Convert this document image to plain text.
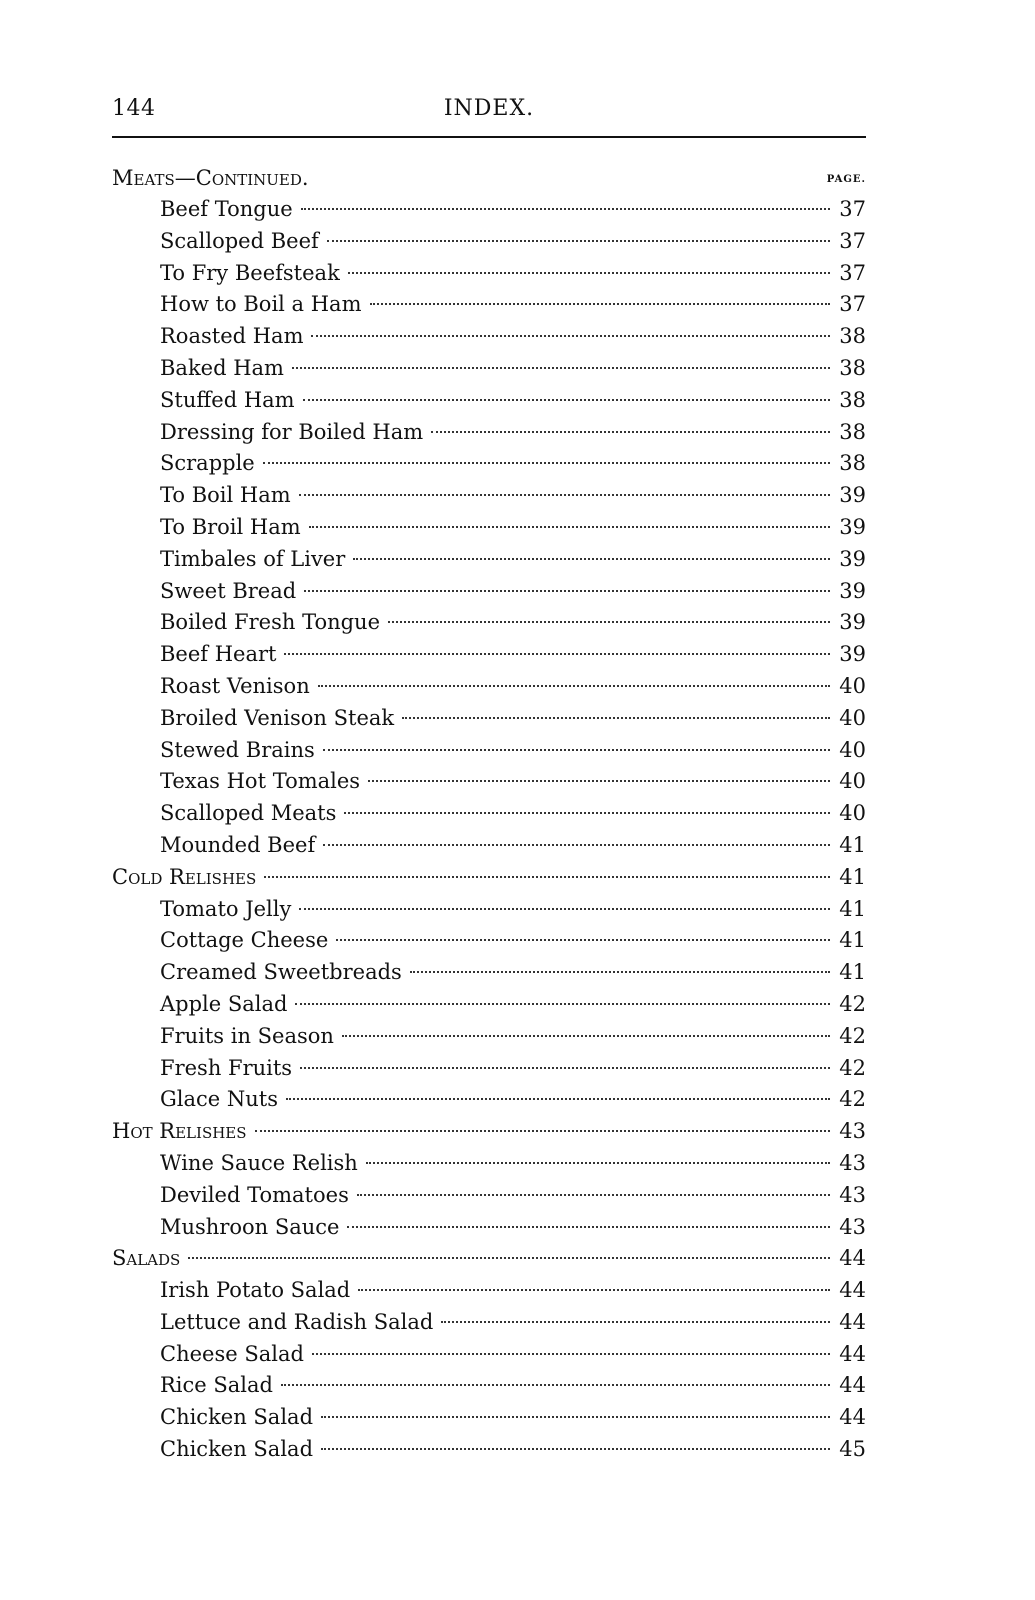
144	INDEX.
Meats—Continued.	PAGE.
Beef Tongue	37
Scalloped Beef	37
To Fry Beefsteak	37
How to Boil a Ham	37
Roasted Ham	38
Baked Ham	38
Stuffed Ham	38
Dressing for Boiled Ham	38
Scrapple	38
To Boil Ham	39
To Broil Ham	39
Timbales of Liver	39
Sweet Bread	39
Boiled Fresh Tongue	39
Beef Heart	39
Roast Venison	40
Broiled Venison Steak	40
Stewed Brains	40
Texas Hot Tomales	40
Scalloped Meats	40
Mounded Beef	41
Cold Relishes	41
Tomato Jelly	41
Cottage Cheese	41
Creamed Sweetbreads	41
Apple Salad	42
Fruits in Season	42
Fresh Fruits	42
Glace Nuts	42
Hot Relishes	43
Wine Sauce Relish	43
Deviled Tomatoes	43
Mushroon Sauce	43
Salads	44
Irish Potato Salad	44
Lettuce and Radish Salad	44
Cheese Salad	44
Rice Salad	44
Chicken Salad	44
Chicken Salad	45
